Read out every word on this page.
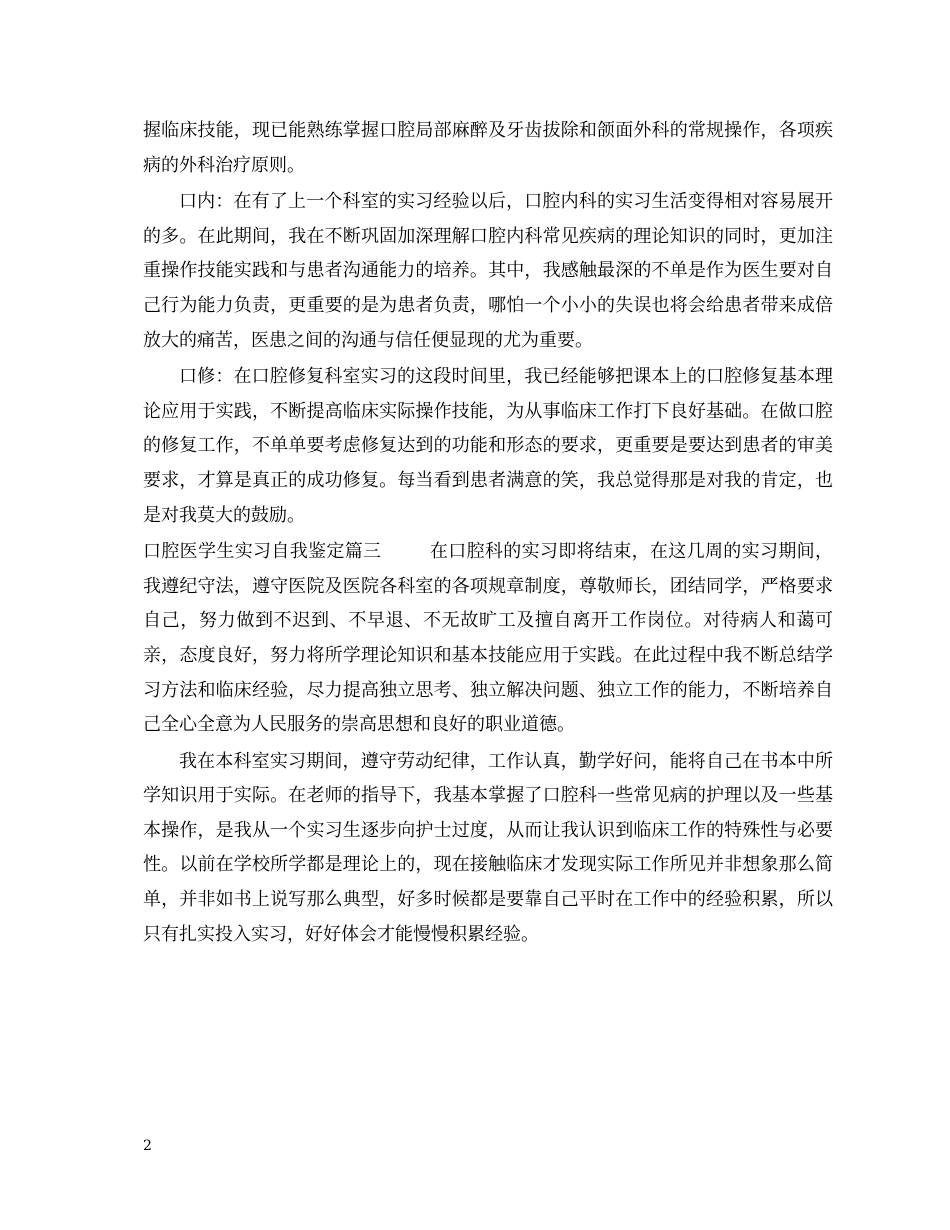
握临床技能，现已能熟练掌握口腔局部麻醉及牙齿拔除和颌面外科的常规操作，各项疾病的外科治疗原则。

口内：在有了上一个科室的实习经验以后，口腔内科的实习生活变得相对容易展开的多。在此期间，我在不断巩固加深理解口腔内科常见疾病的理论知识的同时，更加注重操作技能实践和与患者沟通能力的培养。其中，我感触最深的不单是作为医生要对自己行为能力负责，更重要的是为患者负责，哪怕一个小小的失误也将会给患者带来成倍放大的痛苦，医患之间的沟通与信任便显现的尤为重要。

口修：在口腔修复科室实习的这段时间里，我已经能够把课本上的口腔修复基本理论应用于实践，不断提高临床实际操作技能，为从事临床工作打下良好基础。在做口腔的修复工作，不单单要考虑修复达到的功能和形态的要求，更重要是要达到患者的审美要求，才算是真正的成功修复。每当看到患者满意的笑，我总觉得那是对我的肯定，也是对我莫大的鼓励。

口腔医学生实习自我鉴定篇三	在口腔科的实习即将结束，在这几周的实习期间，我遵纪守法，遵守医院及医院各科室的各项规章制度，尊敬师长，团结同学，严格要求自己，努力做到不迟到、不早退、不无故旷工及擅自离开工作岗位。对待病人和蔼可亲，态度良好，努力将所学理论知识和基本技能应用于实践。在此过程中我不断总结学习方法和临床经验，尽力提高独立思考、独立解决问题、独立工作的能力，不断培养自己全心全意为人民服务的崇高思想和良好的职业道德。

我在本科室实习期间，遵守劳动纪律，工作认真，勤学好问，能将自己在书本中所学知识用于实际。在老师的指导下，我基本掌握了口腔科一些常见病的护理以及一些基本操作，是我从一个实习生逐步向护士过度，从而让我认识到临床工作的特殊性与必要性。以前在学校所学都是理论上的，现在接触临床才发现实际工作所见并非想象那么简单，并非如书上说写那么典型，好多时候都是要靠自己平时在工作中的经验积累，所以只有扎实投入实习，好好体会才能慢慢积累经验。

2
